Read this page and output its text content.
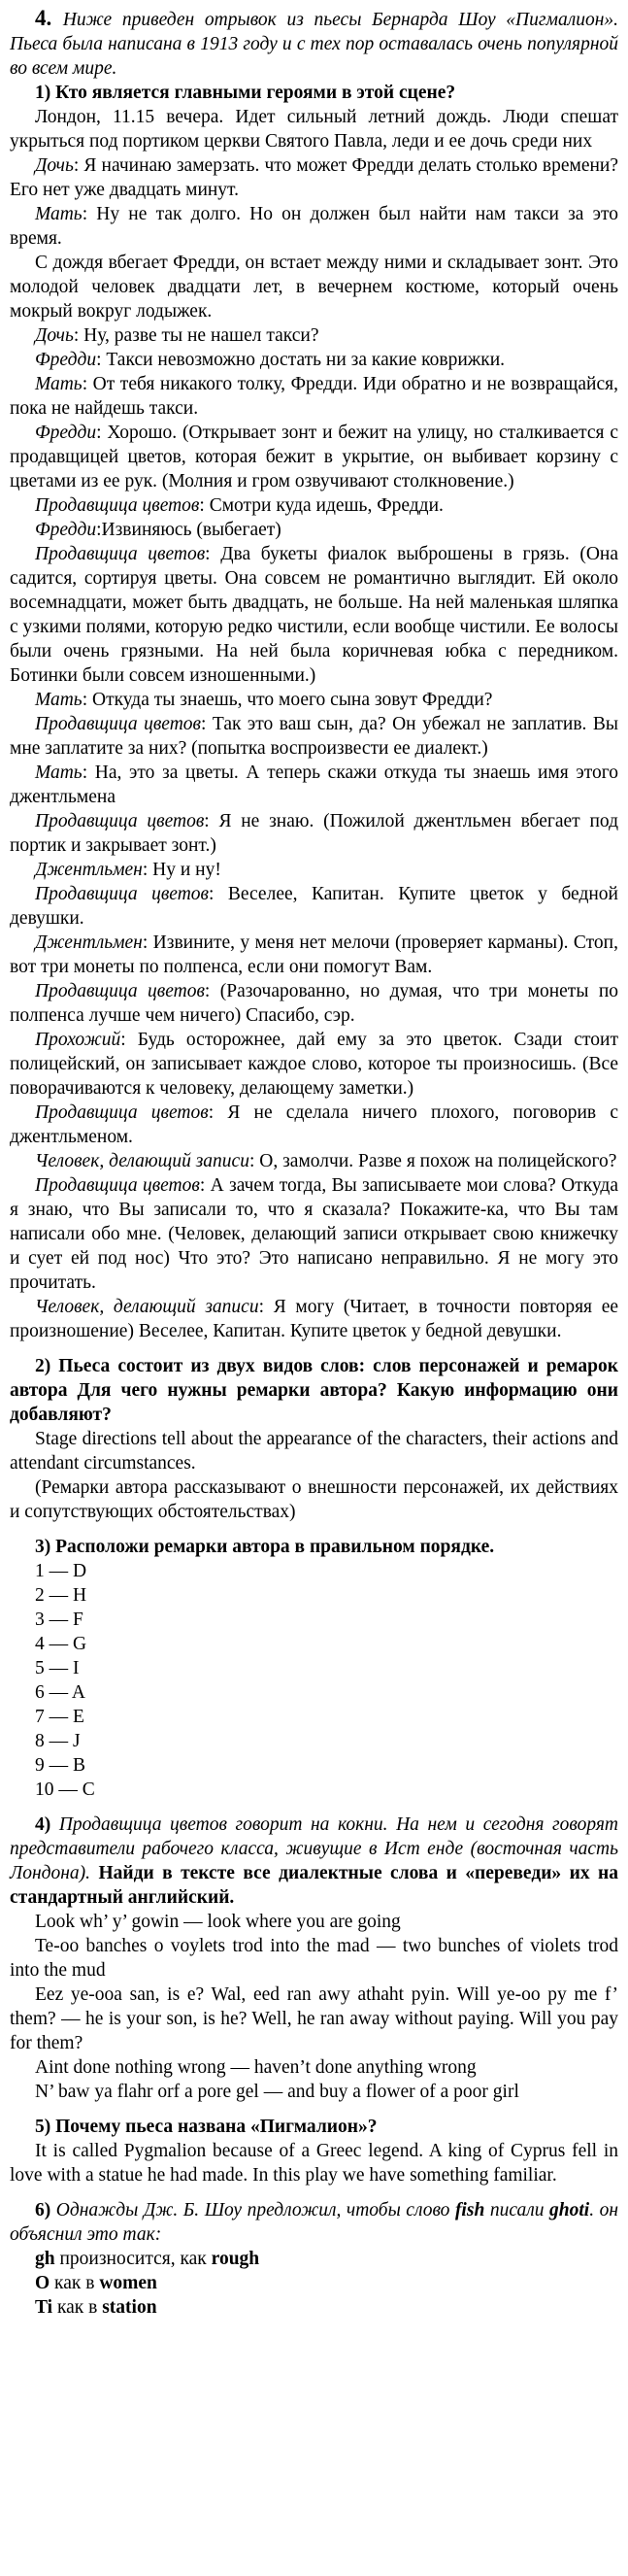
4. Ниже приведен отрывок из пьесы Бернарда Шоу «Пигмалион». Пьеса была написана в 1913 году и с тех пор оставалась очень популярной во всем мире.

1) Кто является главными героями в этой сцене?

Лондон, 11.15 вечера. Идет сильный летний дождь. Люди спешат укрыться под портиком церкви Святого Павла, леди и ее дочь среди них

Дочь: Я начинаю замерзать. что может Фредди делать столько времени? Его нет уже двадцать минут.

Мать: Ну не так долго. Но он должен был найти нам такси за это время.

С дождя вбегает Фредди, он встает между ними и складывает зонт. Это молодой человек двадцати лет, в вечернем костюме, который очень мокрый вокруг лодыжек.

Дочь: Ну, разве ты не нашел такси?

Фредди: Такси невозможно достать ни за какие коврижки.

Мать: От тебя никакого толку, Фредди. Иди обратно и не возвращайся, пока не найдешь такси.

Фредди: Хорошо. (Открывает зонт и бежит на улицу, но сталкивается с продавщицей цветов, которая бежит в укрытие, он выбивает корзину с цветами из ее рук. (Молния и гром озвучивают столкновение.)

Продавщица цветов: Смотри куда идешь, Фредди.

Фредди:Извиняюсь (выбегает)

Продавщица цветов: Два букеты фиалок выброшены в грязь. (Она садится, сортируя цветы. Она совсем не романтично выглядит. Ей около восемнадцати, может быть двадцать, не больше. На ней маленькая шляпка с узкими полями, которую редко чистили, если вообще чистили. Ее волосы были очень грязными. На ней была коричневая юбка с передником. Ботинки были совсем изношенными.)

Мать: Откуда ты знаешь, что моего сына зовут Фредди?

Продавщица цветов: Так это ваш сын, да? Он убежал не заплатив. Вы мне заплатите за них? (попытка воспроизвести ее диалект.)

Мать: На, это за цветы. А теперь скажи откуда ты знаешь имя этого джентльмена

Продавщица цветов: Я не знаю. (Пожилой джентльмен вбегает под портик и закрывает зонт.)

Джентльмен: Ну и ну!

Продавщица цветов: Веселее, Капитан. Купите цветок у бедной девушки.

Джентльмен: Извините, у меня нет мелочи (проверяет карманы). Стоп, вот три монеты по полпенса, если они помогут Вам.

Продавщица цветов: (Разочарованно, но думая, что три монеты по полпенса лучше чем ничего) Спасибо, сэр.

Прохожий: Будь осторожнее, дай ему за это цветок. Сзади стоит полицейский, он записывает каждое слово, которое ты произносишь. (Все поворачиваются к человеку, делающему заметки.)

Продавщица цветов: Я не сделала ничего плохого, поговорив с джентльменом.

Человек, делающий записи: О, замолчи. Разве я похож на полицейского?

Продавщица цветов: А зачем тогда, Вы записываете мои слова? Откуда я знаю, что Вы записали то, что я сказала? Покажите-ка, что Вы там написали обо мне. (Человек, делающий записи открывает свою книжечку и сует ей под нос) Что это? Это написано неправильно. Я не могу это прочитать.

Человек, делающий записи: Я могу (Читает, в точности повторяя ее произношение) Веселее, Капитан. Купите цветок у бедной девушки.

2) Пьеса состоит из двух видов слов: слов персонажей и ремарок автора Для чего нужны ремарки автора? Какую информацию они добавляют?

Stage directions tell about the appearance of the characters, their actions and attendant circumstances.

(Ремарки автора рассказывают о внешности персонажей, их действиях и сопутствующих обстоятельствах)

3) Расположи ремарки автора в правильном порядке.

1 — D

2 — H

3 — F

4 — G

5 — I

6 — A

7 — E

8 — J

9 — B

10 — C

4) Продавщица цветов говорит на кокни. На нем и сегодня говорят представители рабочего класса, живущие в Ист енде (восточная часть Лондона). Найди в тексте все диалектные слова и «переведи» их на стандартный английский.

Look wh’ y’ gowin — look where you are going

Te-oo banches o voylets trod into the mad — two bunches of violets trod into the mud

Eez ye-ooa san, is e? Wal, eed ran awy athaht pyin. Will ye-oo py me f’ them? — he is your son, is he? Well, he ran away without paying. Will you pay for them?

Aint done nothing wrong — haven’t done anything wrong

N’ baw ya flahr orf a pore gel — and buy a flower of a poor girl

5) Почему пьеса названа «Пигмалион»?

It is called Pygmalion because of a Greec legend. A king of Cyprus fell in love with a statue he had made. In this play we have something familiar.

6) Однажды Дж. Б. Шоу предложил, чтобы слово fish писали ghoti. он объяснил это так:

gh произносится, как rough

O как в women

Ti как в station
